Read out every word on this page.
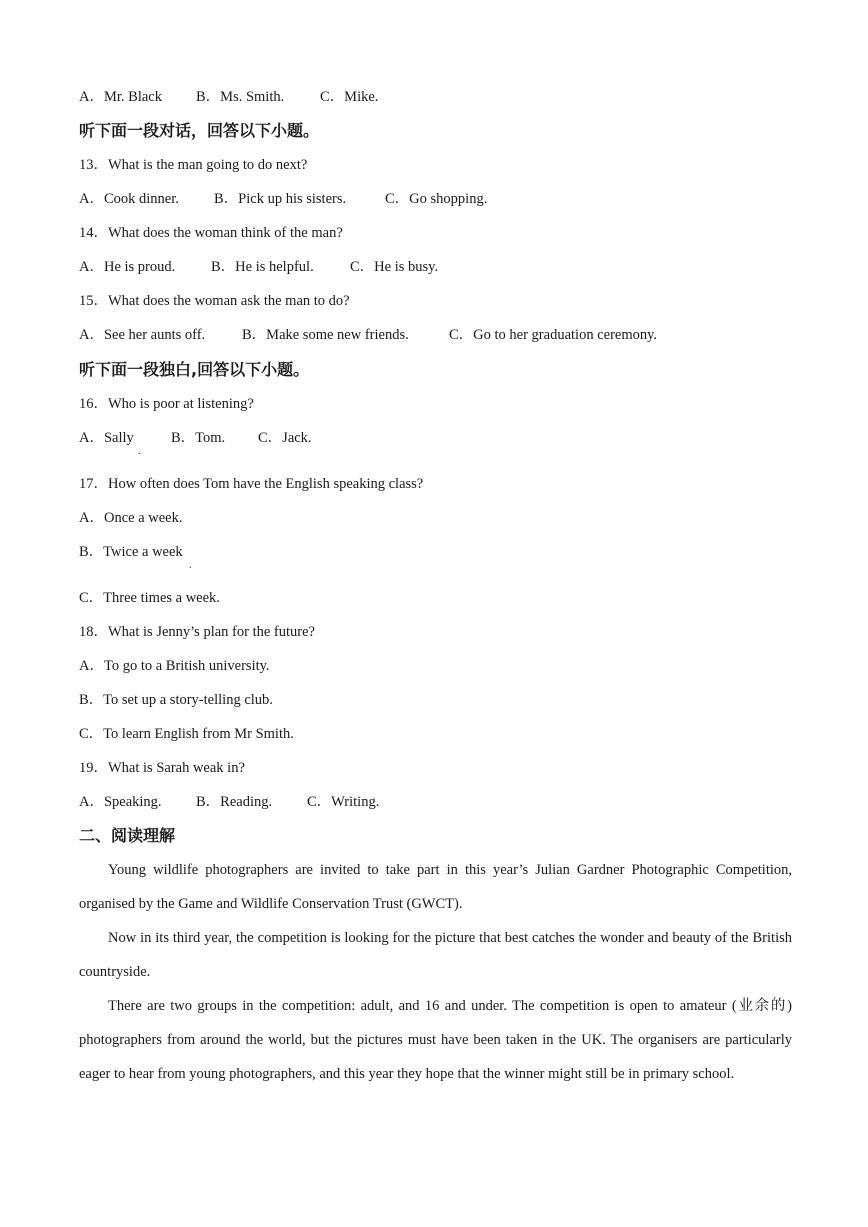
A．Mr. Black B．Ms. Smith. C．Mike.
听下面一段对话，回答以下小题。
13．What is the man going to do next?
A．Cook dinner. B．Pick up his sisters.	C．Go shopping.
14．What does the woman think of the man?
A．He is proud. B．He is helpful.	C．He is busy.
15．What does the woman ask the man to do?
A．See her aunts off.	B．Make some new friends.	C．Go to her graduation ceremony.
听下面一段独白,回答以下小题。
16．Who is poor at listening?
A．Sally	B．Tom. C．Jack.
.
17．How often does Tom have the English speaking class?
A．Once a week.
B．Twice a week
.
C．Three times a week.
18．What is Jenny’s plan for the future?
A．To go to a British university.
B．To set up a story-telling club.
C．To learn English from Mr Smith.
19．What is Sarah weak in?
A．Speaking. B．Reading. C．Writing.
二、阅读理解

Young wildlife photographers are invited to take part in this year’s Julian Gardner Photographic Competition, organised by the Game and Wildlife Conservation Trust (GWCT).

Now in its third year, the competition is looking for the picture that best catches the wonder and beauty of the British countryside.

There are two groups in the competition: adult, and 16 and under. The competition is open to amateur (业余的) photographers from around the world, but the pictures must have been taken in the UK. The organisers are particularly eager to hear from young photographers, and this year they hope that the winner might still be in primary school.
